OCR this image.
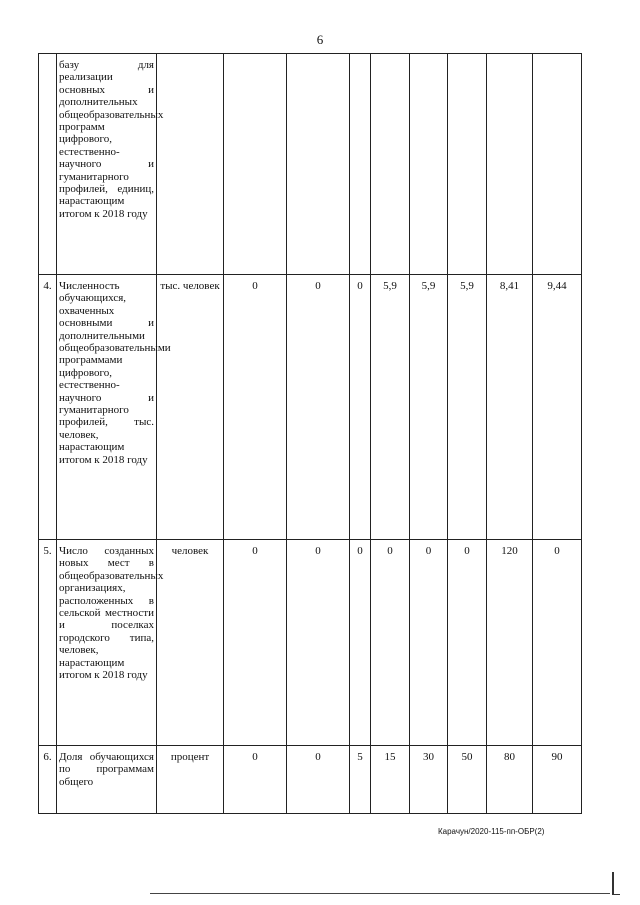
6
	базу для реализации основных и дополнительных общеобразовательных программ цифрового, естественно-научного и гуманитарного профилей, единиц, нарастающим итогом к 2018 году									
4.	Численность обучающихся, охваченных основными и дополнительными общеобразовательными программами цифрового, естественно-научного и гуманитарного профилей, тыс. человек, нарастающим итогом к 2018 году	тыс. человек	0	0	0	5,9	5,9	5,9	8,41	9,44
5.	Число созданных новых мест в общеобразовательных организациях, расположенных в сельской местности и поселках городского типа, человек, нарастающим итогом к 2018 году	человек	0	0	0	0	0	0	120	0
6.	Доля обучающихся по программам общего	процент	0	0	5	15	30	50	80	90
Карачун/2020-115-пп-ОБР(2)
